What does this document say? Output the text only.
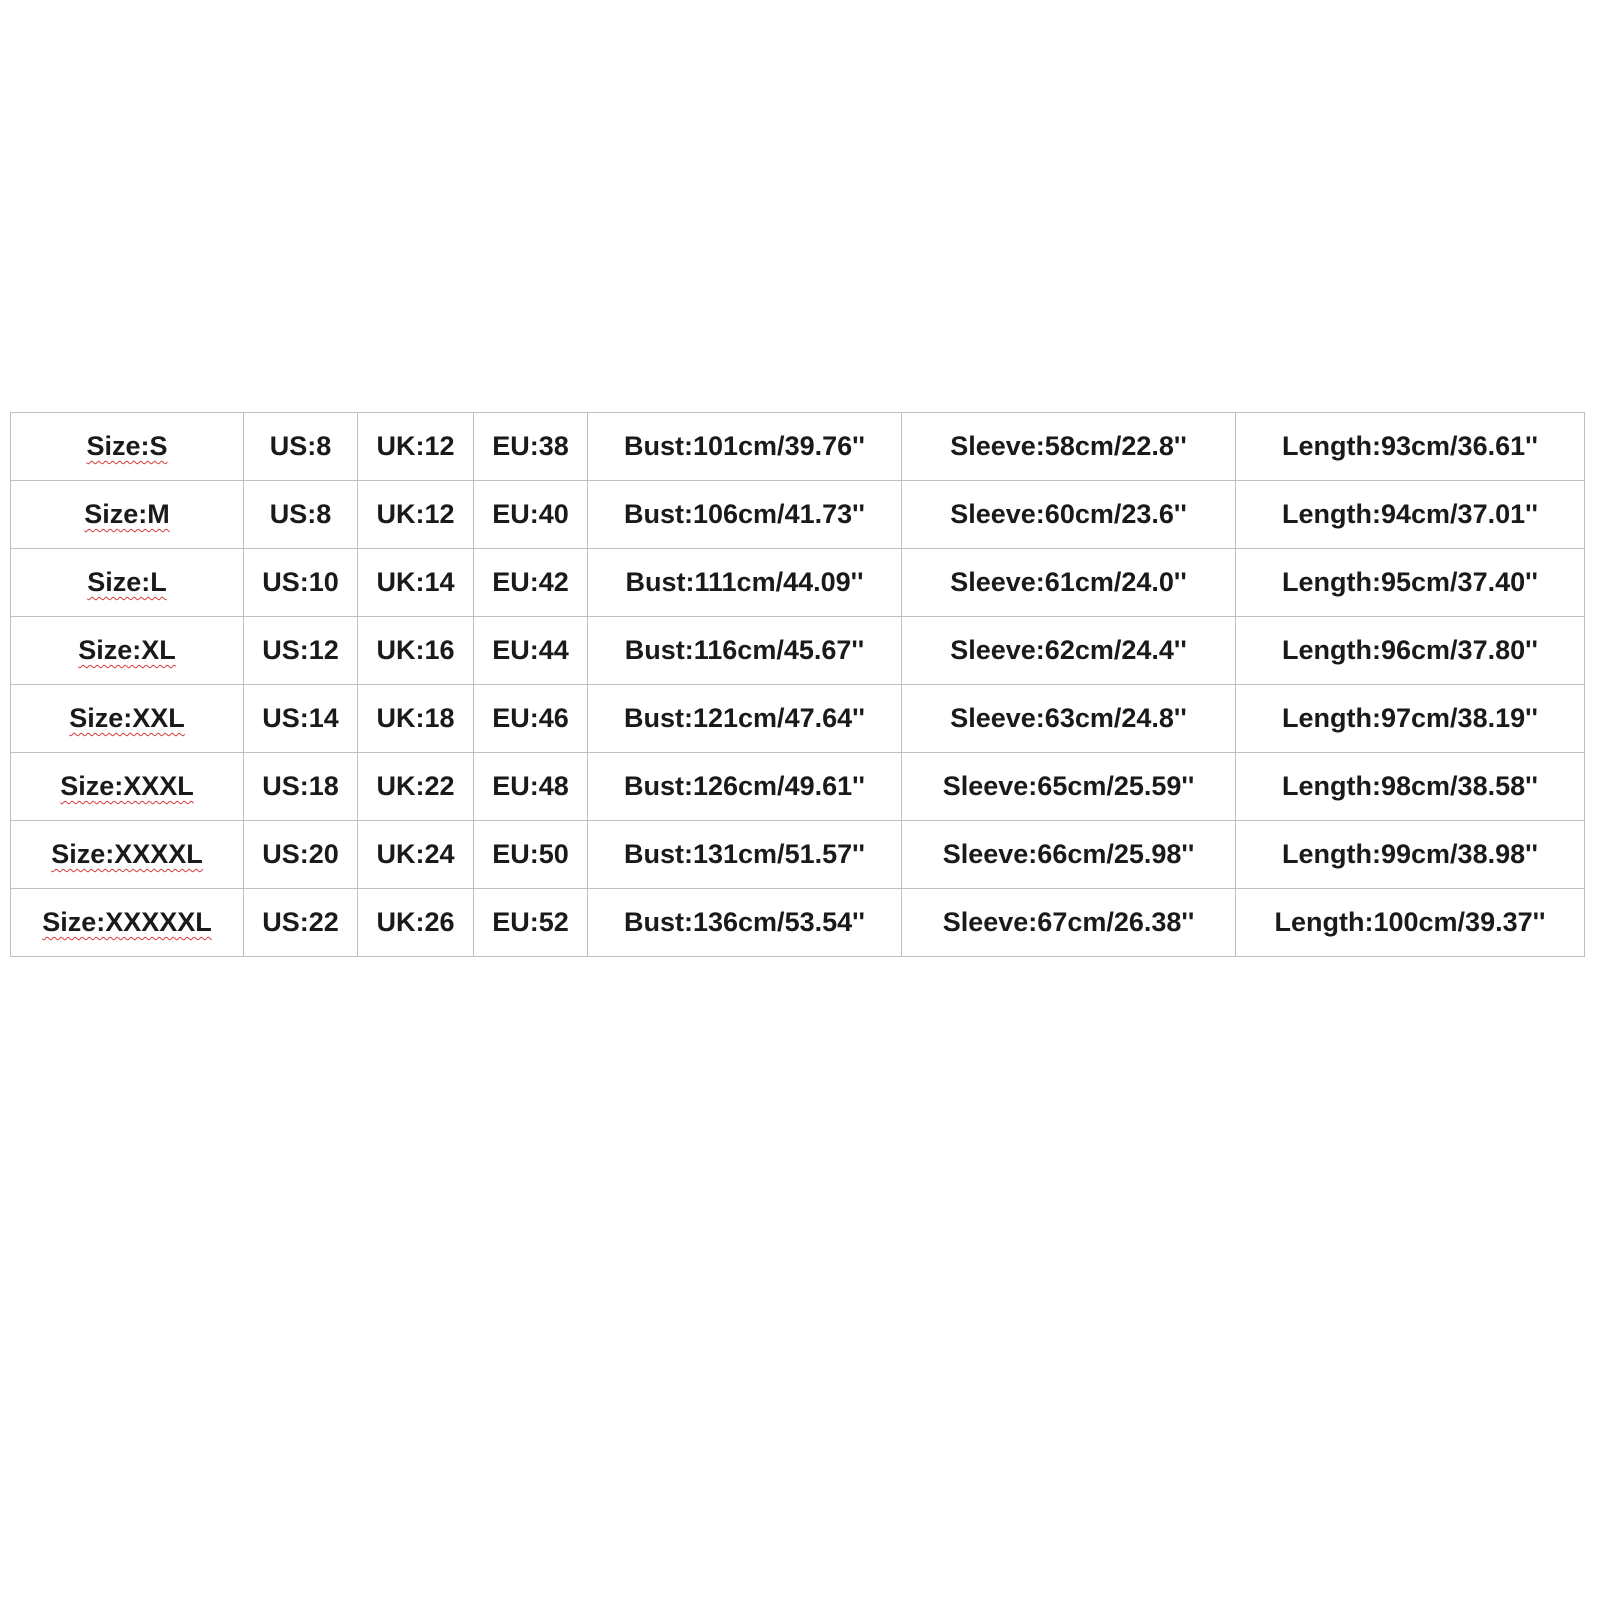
Size:S	US:8	UK:12	EU:38	Bust:101cm/39.76''	Sleeve:58cm/22.8''	Length:93cm/36.61''
Size:M	US:8	UK:12	EU:40	Bust:106cm/41.73''	Sleeve:60cm/23.6''	Length:94cm/37.01''
Size:L	US:10	UK:14	EU:42	Bust:111cm/44.09''	Sleeve:61cm/24.0''	Length:95cm/37.40''
Size:XL	US:12	UK:16	EU:44	Bust:116cm/45.67''	Sleeve:62cm/24.4''	Length:96cm/37.80''
Size:XXL	US:14	UK:18	EU:46	Bust:121cm/47.64''	Sleeve:63cm/24.8''	Length:97cm/38.19''
Size:XXXL	US:18	UK:22	EU:48	Bust:126cm/49.61''	Sleeve:65cm/25.59''	Length:98cm/38.58''
Size:XXXXL	US:20	UK:24	EU:50	Bust:131cm/51.57''	Sleeve:66cm/25.98''	Length:99cm/38.98''
Size:XXXXXL	US:22	UK:26	EU:52	Bust:136cm/53.54''	Sleeve:67cm/26.38''	Length:100cm/39.37''
